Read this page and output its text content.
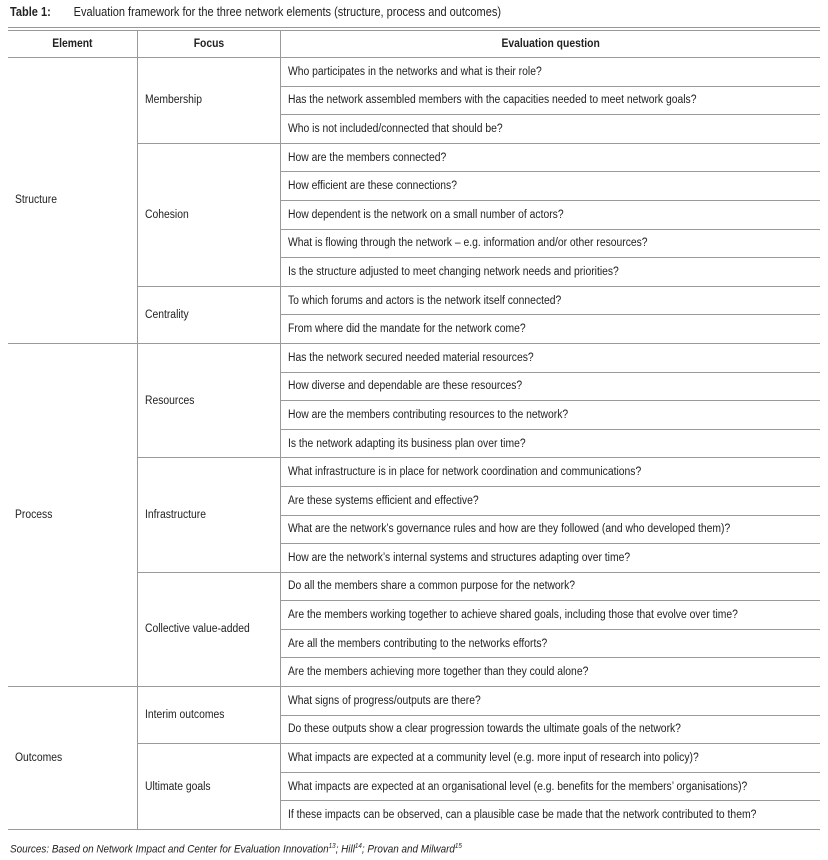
Table 1: Evaluation framework for the three network elements (structure, process and outcomes)
Element	Focus	Evaluation question
Structure	Membership	Who participates in the networks and what is their role?
		Has the network assembled members with the capacities needed to meet network goals?
		Who is not included/connected that should be?
	Cohesion	How are the members connected?
		How efficient are these connections?
		How dependent is the network on a small number of actors?
		What is flowing through the network – e.g. information and/or other resources?
		Is the structure adjusted to meet changing network needs and priorities?
	Centrality	To which forums and actors is the network itself connected?
		From where did the mandate for the network come?
Process	Resources	Has the network secured needed material resources?
		How diverse and dependable are these resources?
		How are the members contributing resources to the network?
		Is the network adapting its business plan over time?
	Infrastructure	What infrastructure is in place for network coordination and communications?
		Are these systems efficient and effective?
		What are the network’s governance rules and how are they followed (and who developed them)?
		How are the network’s internal systems and structures adapting over time?
	Collective value-added	Do all the members share a common purpose for the network?
		Are the members working together to achieve shared goals, including those that evolve over time?
		Are all the members contributing to the networks efforts?
		Are the members achieving more together than they could alone?
Outcomes	Interim outcomes	What signs of progress/outputs are there?
		Do these outputs show a clear progression towards the ultimate goals of the network?
	Ultimate goals	What impacts are expected at a community level (e.g. more input of research into policy)?
		What impacts are expected at an organisational level (e.g. benefits for the members’ organisations)?
		If these impacts can be observed, can a plausible case be made that the network contributed to them?
Sources: Based on Network Impact and Center for Evaluation Innovation$^{13}$; Hill$^{14}$; Provan and Milward$^{15}$
